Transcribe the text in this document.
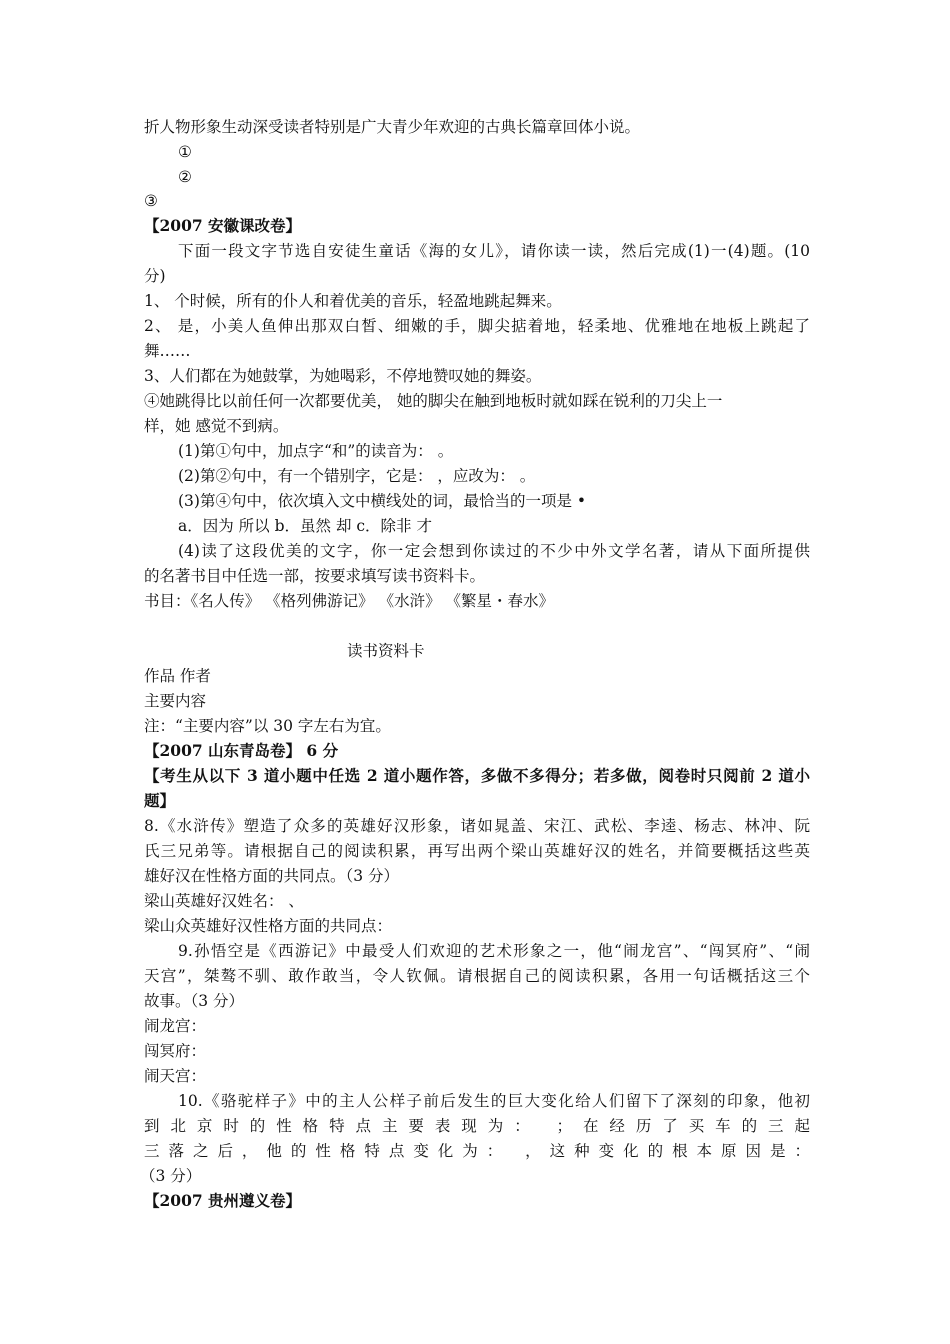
折人物形象生动深受读者特别是广大青少年欢迎的古典长篇章回体小说。
①
②
③
【2007 安徽课改卷】
下面一段文字节选自安徒生童话《海的女儿》，请你读一读，然后完成(1)一(4)题。(10
分)
1、 个时候，所有的仆人和着优美的音乐，轻盈地跳起舞来。
2、 是，小美人鱼伸出那双白皙、细嫩的手，脚尖掂着地，轻柔地、优雅地在地板上跳起了
舞……
3、人们都在为她鼓掌，为她喝彩，不停地赞叹她的舞姿。
④她跳得比以前任何一次都要优美， 她的脚尖在触到地板时就如踩在锐利的刀尖上一
样，她 感觉不到病。
(1)第①句中，加点字“和”的读音为： 。
(2)第②句中，有一个错别字，它是： ，应改为： 。
(3)第④句中，依次填入文中横线处的词，最恰当的一项是 •
a．因为 所以 b．虽然 却 c．除非 才
(4)读了这段优美的文字，你一定会想到你读过的不少中外文学名著，请从下面所提供
的名著书目中任选一部，按要求填写读书资料卡。
书目：《名人传》 《格列佛游记》 《水浒》 《繁星・春水》
读书资料卡
作品 作者
主要内容
注：“主要内容”以 30 字左右为宜。
【2007 山东青岛卷】 6 分
【考生从以下 3 道小题中任选 2 道小题作答，多做不多得分；若多做，阅卷时只阅前 2 道小
题】
8.《水浒传》塑造了众多的英雄好汉形象，诸如晁盖、宋江、武松、李逵、杨志、林冲、阮
氏三兄弟等。请根据自己的阅读积累，再写出两个梁山英雄好汉的姓名，并简要概括这些英
雄好汉在性格方面的共同点。（3 分）
梁山英雄好汉姓名： 、
梁山众英雄好汉性格方面的共同点：
9.孙悟空是《西游记》中最受人们欢迎的艺术形象之一，他“闹龙宫”、“闯冥府”、“闹
天宫”，桀骜不驯、敢作敢当，令人钦佩。请根据自己的阅读积累，各用一句话概括这三个
故事。（3 分）
闹龙宫：
闯冥府：
闹天宫：
10.《骆驼样子》中的主人公样子前后发生的巨大变化给人们留下了深刻的印象，他初
到北京时的性格特点主要表现为： ；在经历了买车的三起
三落之后，他的性格特点变化为： ，这种变化的根本原因是：
（3 分）
【2007 贵州遵义卷】
